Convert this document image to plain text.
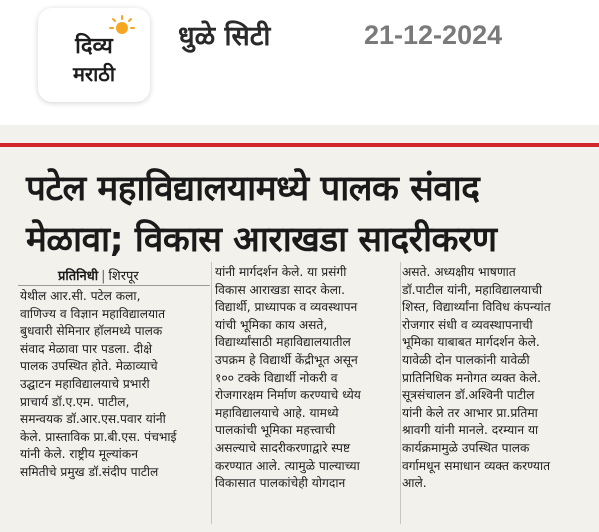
दिव्य
मराठी
धुळे सिटी	21-12-2024
पटेल महाविद्यालयामध्ये पालक संवाद
मेळावा; विकास आराखडा सादरीकरण
प्रतिनिधी | शिरपूर
येथील आर.सी. पटेल कला,
वाणिज्य व विज्ञान महाविद्यालयात
बुधवारी सेमिनार हॉलमध्ये पालक
संवाद मेळावा पार पडला. दीक्षे
पालक उपस्थित होते. मेळाव्याचे
उद्घाटन महाविद्यालयाचे प्रभारी
प्राचार्य डॉ.ए.एम. पाटील,
समन्वयक डॉ.आर.एस.पवार यांनी
केले. प्रास्ताविक प्रा.बी.एस. पंचभाई
यांनी केले. राष्ट्रीय मूल्यांकन
समितीचे प्रमुख डॉ.संदीप पाटील
यांनी मार्गदर्शन केले. या प्रसंगी
विकास आराखडा सादर केला.
विद्यार्थी, प्राध्यापक व व्यवस्थापन
यांची भूमिका काय असते,
विद्यार्थ्यांसाठी महाविद्यालयातील
उपक्रम हे विद्यार्थी केंद्रीभूत असून
१०० टक्के विद्यार्थी नोकरी व
रोजगारक्षम निर्माण करण्याचे ध्येय
महाविद्यालयाचे आहे. यामध्ये
पालकांची भूमिका महत्त्वाची
असल्याचे सादरीकरणाद्वारे स्पष्ट
करण्यात आले. त्यामुळे पाल्याच्या
विकासात पालकांचेही योगदान
असते. अध्यक्षीय भाषणात
डॉ.पाटील यांनी, महाविद्यालयाची
शिस्त, विद्यार्थ्यांना विविध कंपन्यांत
रोजगार संधी व व्यवस्थापनाची
भूमिका याबाबत मार्गदर्शन केले.
यावेळी दोन पालकांनी यावेळी
प्रातिनिधिक मनोगत व्यक्त केले.
सूत्रसंचालन डॉ.अश्विनी पाटील
यांनी केले तर आभार प्रा.प्रतिमा
श्रावगी यांनी मानले. दरम्यान या
कार्यक्रमामुळे उपस्थित पालक
वर्गामधून समाधान व्यक्त करण्यात
आले.
